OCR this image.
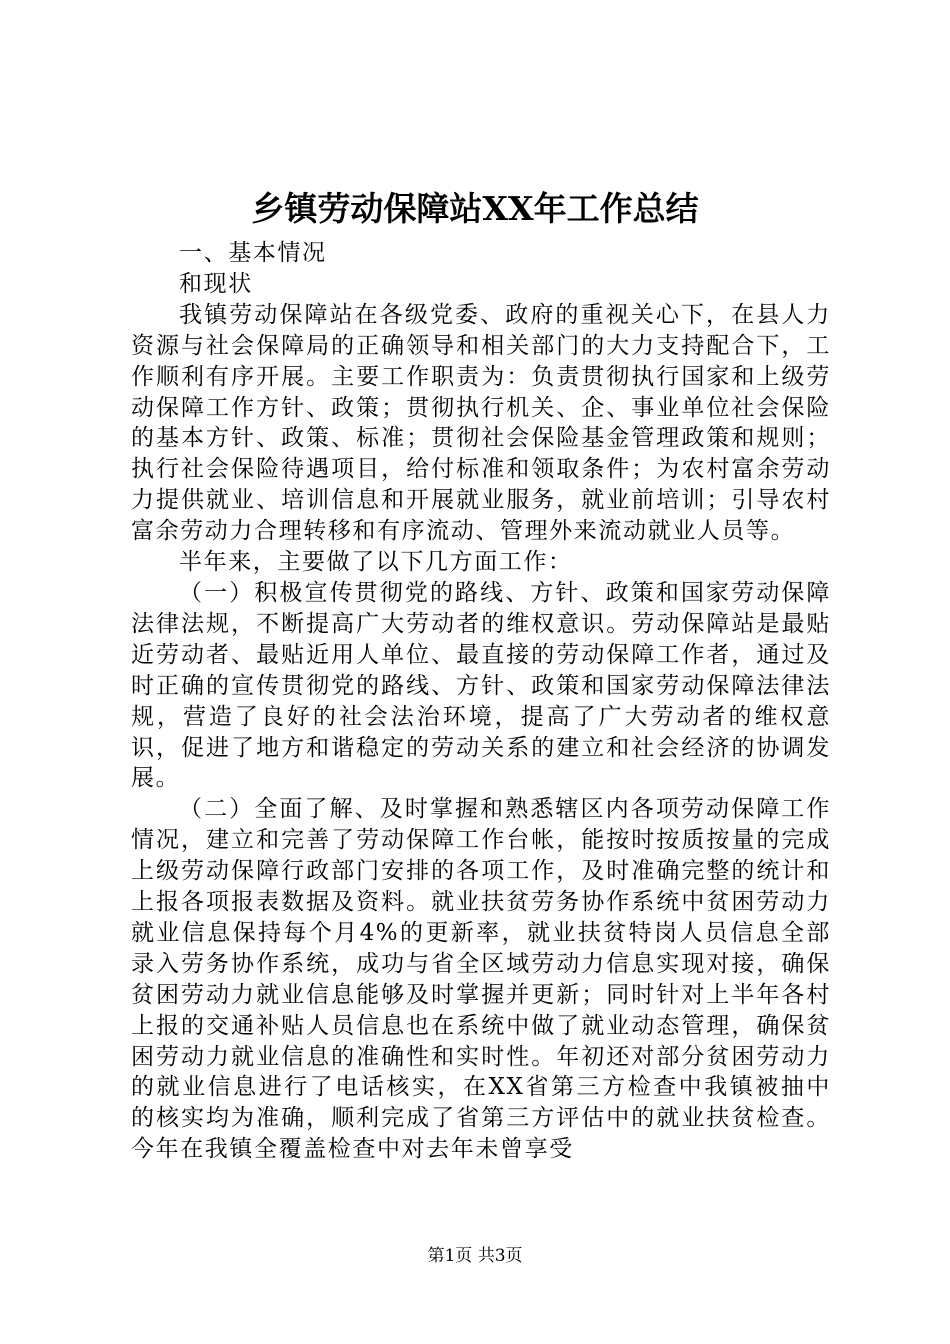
乡镇劳动保障站XX年工作总结

一、基本情况

和现状

我镇劳动保障站在各级党委、政府的重视关心下，在县人力资源与社会保障局的正确领导和相关部门的大力支持配合下，工作顺利有序开展。主要工作职责为：负责贯彻执行国家和上级劳动保障工作方针、政策；贯彻执行机关、企、事业单位社会保险的基本方针、政策、标准；贯彻社会保险基金管理政策和规则；执行社会保险待遇项目，给付标准和领取条件；为农村富余劳动力提供就业、培训信息和开展就业服务，就业前培训；引导农村富余劳动力合理转移和有序流动、管理外来流动就业人员等。

半年来，主要做了以下几方面工作：

（一）积极宣传贯彻党的路线、方针、政策和国家劳动保障法律法规，不断提高广大劳动者的维权意识。劳动保障站是最贴近劳动者、最贴近用人单位、最直接的劳动保障工作者，通过及时正确的宣传贯彻党的路线、方针、政策和国家劳动保障法律法规，营造了良好的社会法治环境，提高了广大劳动者的维权意识，促进了地方和谐稳定的劳动关系的建立和社会经济的协调发展。

（二）全面了解、及时掌握和熟悉辖区内各项劳动保障工作情况，建立和完善了劳动保障工作台帐，能按时按质按量的完成上级劳动保障行政部门安排的各项工作，及时准确完整的统计和上报各项报表数据及资料。就业扶贫劳务协作系统中贫困劳动力就业信息保持每个月4%的更新率，就业扶贫特岗人员信息全部录入劳务协作系统，成功与省全区域劳动力信息实现对接，确保贫困劳动力就业信息能够及时掌握并更新；同时针对上半年各村上报的交通补贴人员信息也在系统中做了就业动态管理，确保贫困劳动力就业信息的准确性和实时性。年初还对部分贫困劳动力的就业信息进行了电话核实，在XX省第三方检查中我镇被抽中的核实均为准确，顺利完成了省第三方评估中的就业扶贫检查。今年在我镇全覆盖检查中对去年未曾享受

第1页 共3页
